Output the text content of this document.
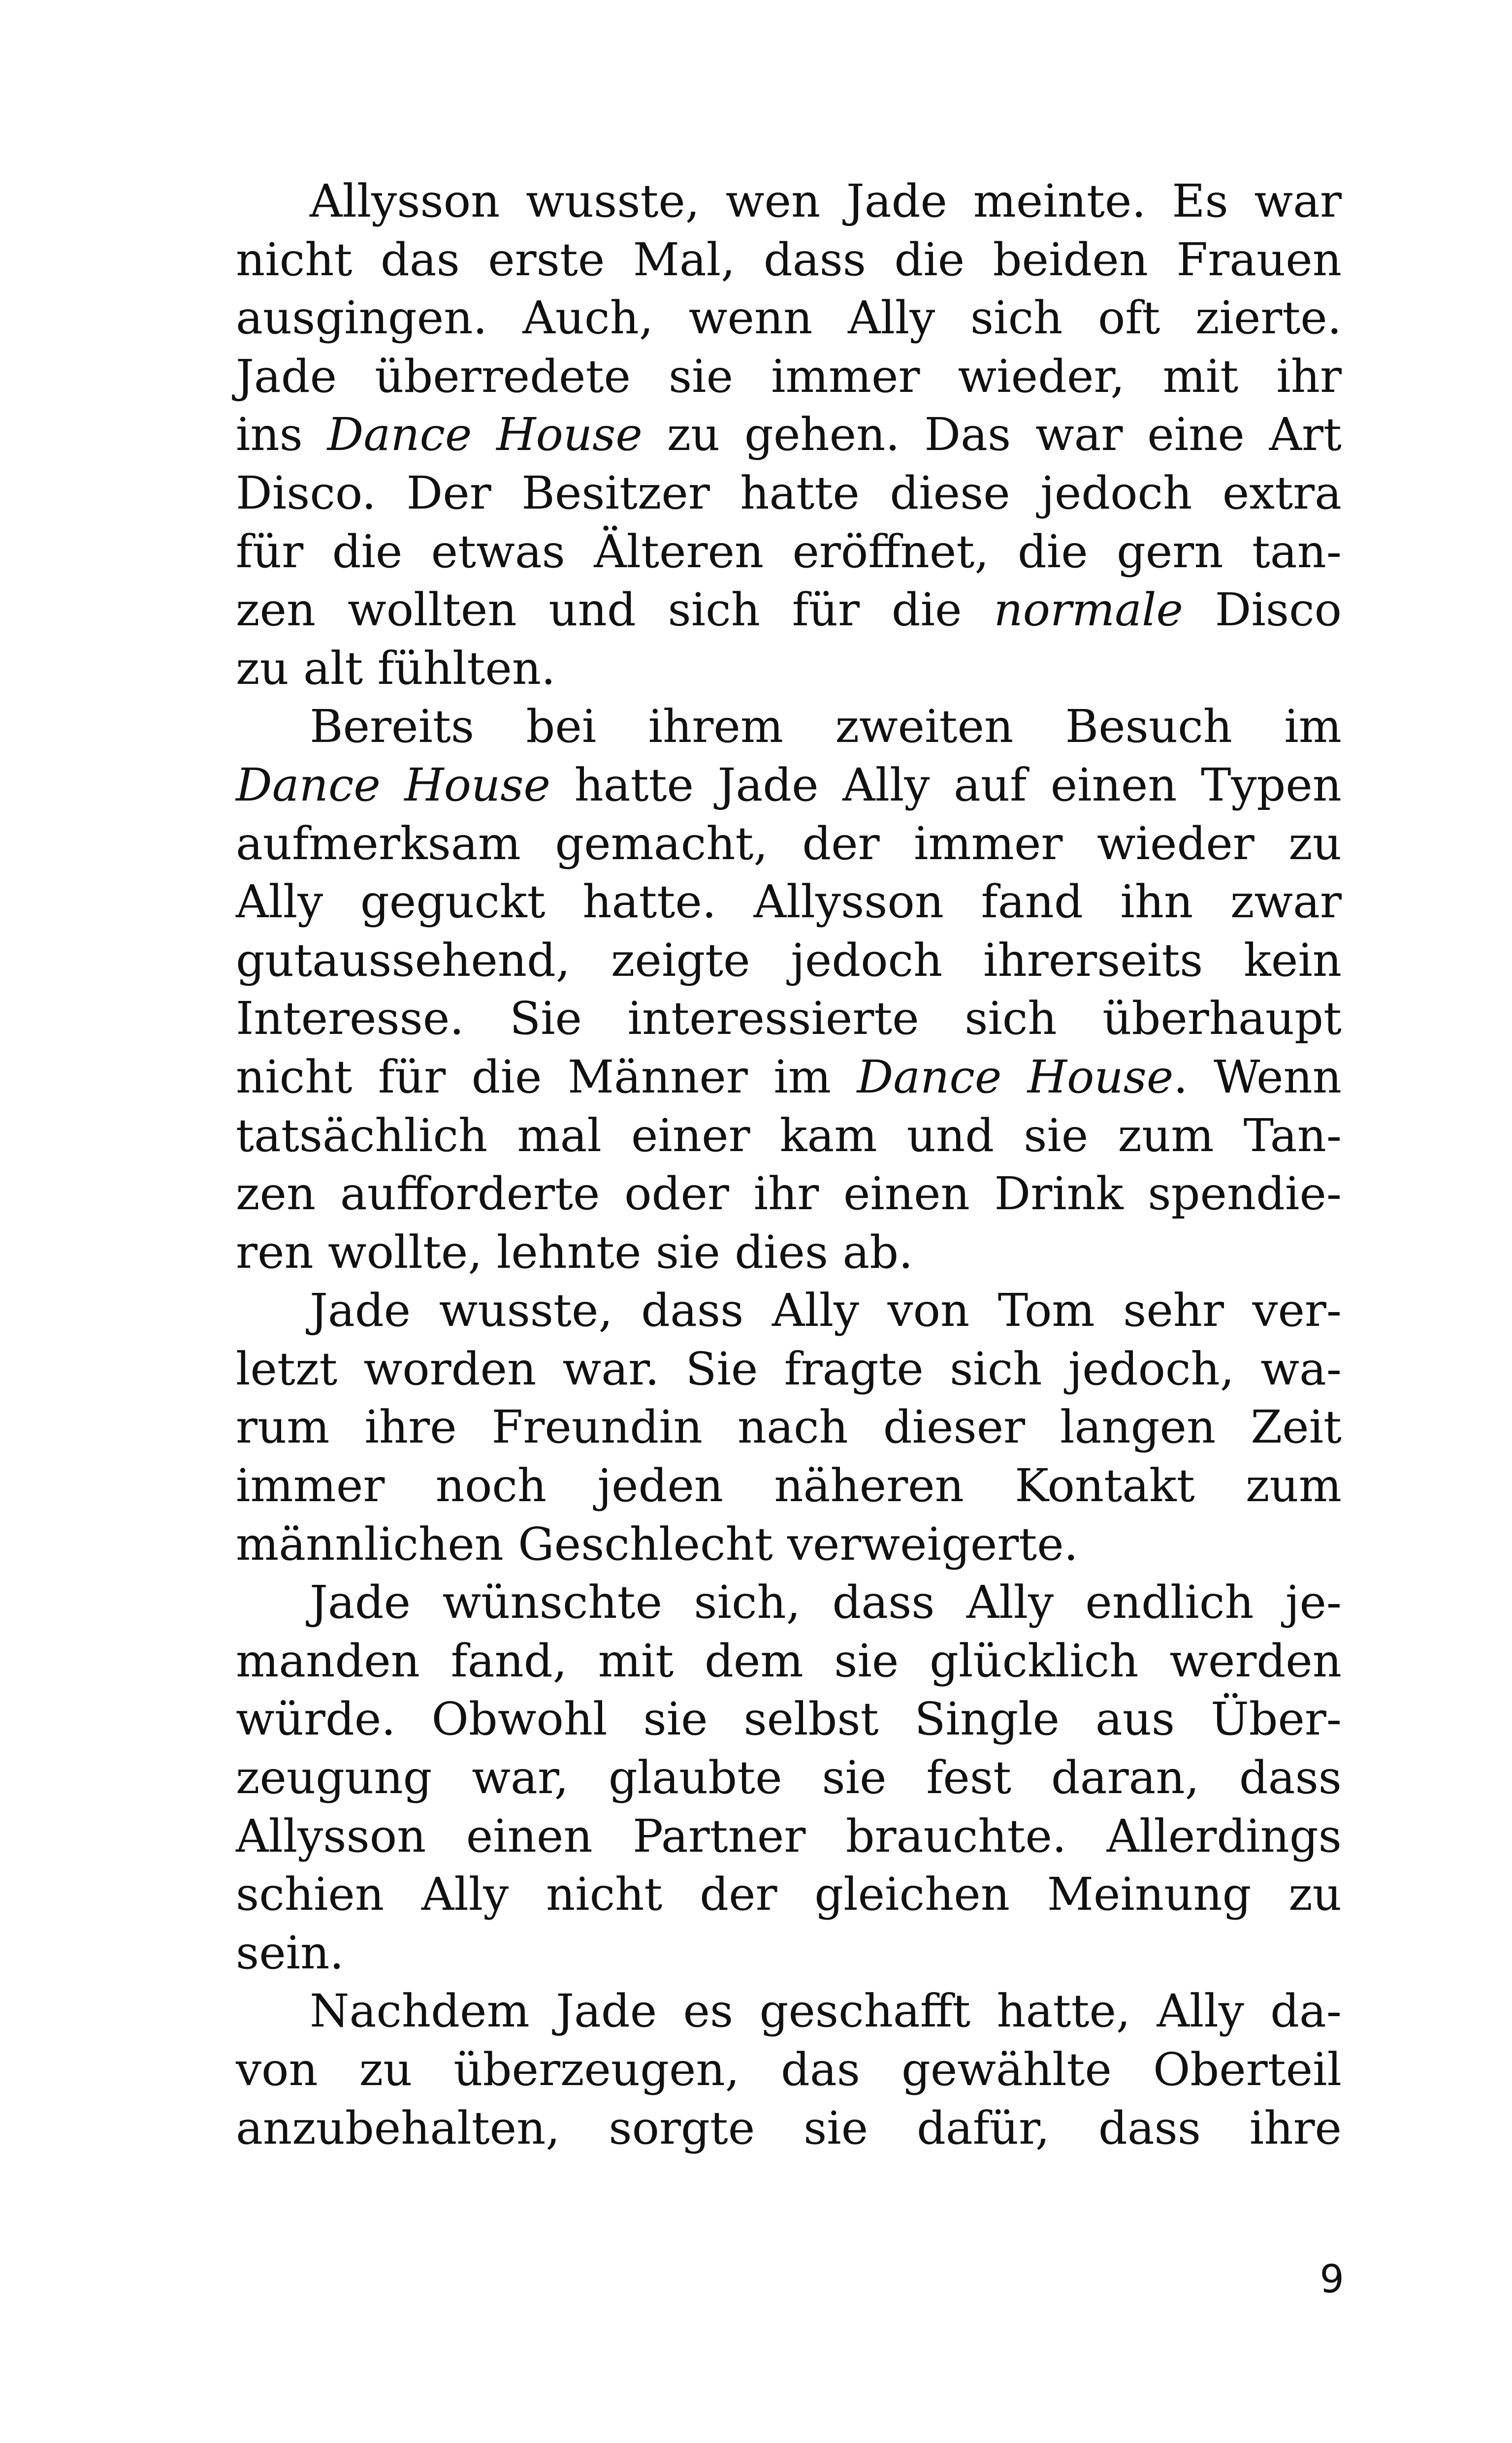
Allysson wusste, wen Jade meinte. Es war
nicht das erste Mal, dass die beiden Frauen
ausgingen. Auch, wenn Ally sich oft zierte.
Jade überredete sie immer wieder, mit ihr
ins Dance House zu gehen. Das war eine Art
Disco. Der Besitzer hatte diese jedoch extra
für die etwas Älteren eröffnet, die gern tan-
zen wollten und sich für die normale Disco
zu alt fühlten.
Bereits bei ihrem zweiten Besuch im
Dance House hatte Jade Ally auf einen Typen
aufmerksam gemacht, der immer wieder zu
Ally geguckt hatte. Allysson fand ihn zwar
gutaussehend, zeigte jedoch ihrerseits kein
Interesse. Sie interessierte sich überhaupt
nicht für die Männer im Dance House. Wenn
tatsächlich mal einer kam und sie zum Tan-
zen aufforderte oder ihr einen Drink spendie-
ren wollte, lehnte sie dies ab.
Jade wusste, dass Ally von Tom sehr ver-
letzt worden war. Sie fragte sich jedoch, wa-
rum ihre Freundin nach dieser langen Zeit
immer noch jeden näheren Kontakt zum
männlichen Geschlecht verweigerte.
Jade wünschte sich, dass Ally endlich je-
manden fand, mit dem sie glücklich werden
würde. Obwohl sie selbst Single aus Über-
zeugung war, glaubte sie fest daran, dass
Allysson einen Partner brauchte. Allerdings
schien Ally nicht der gleichen Meinung zu
sein.
Nachdem Jade es geschafft hatte, Ally da-
von zu überzeugen, das gewählte Oberteil
anzubehalten, sorgte sie dafür, dass ihre
9
